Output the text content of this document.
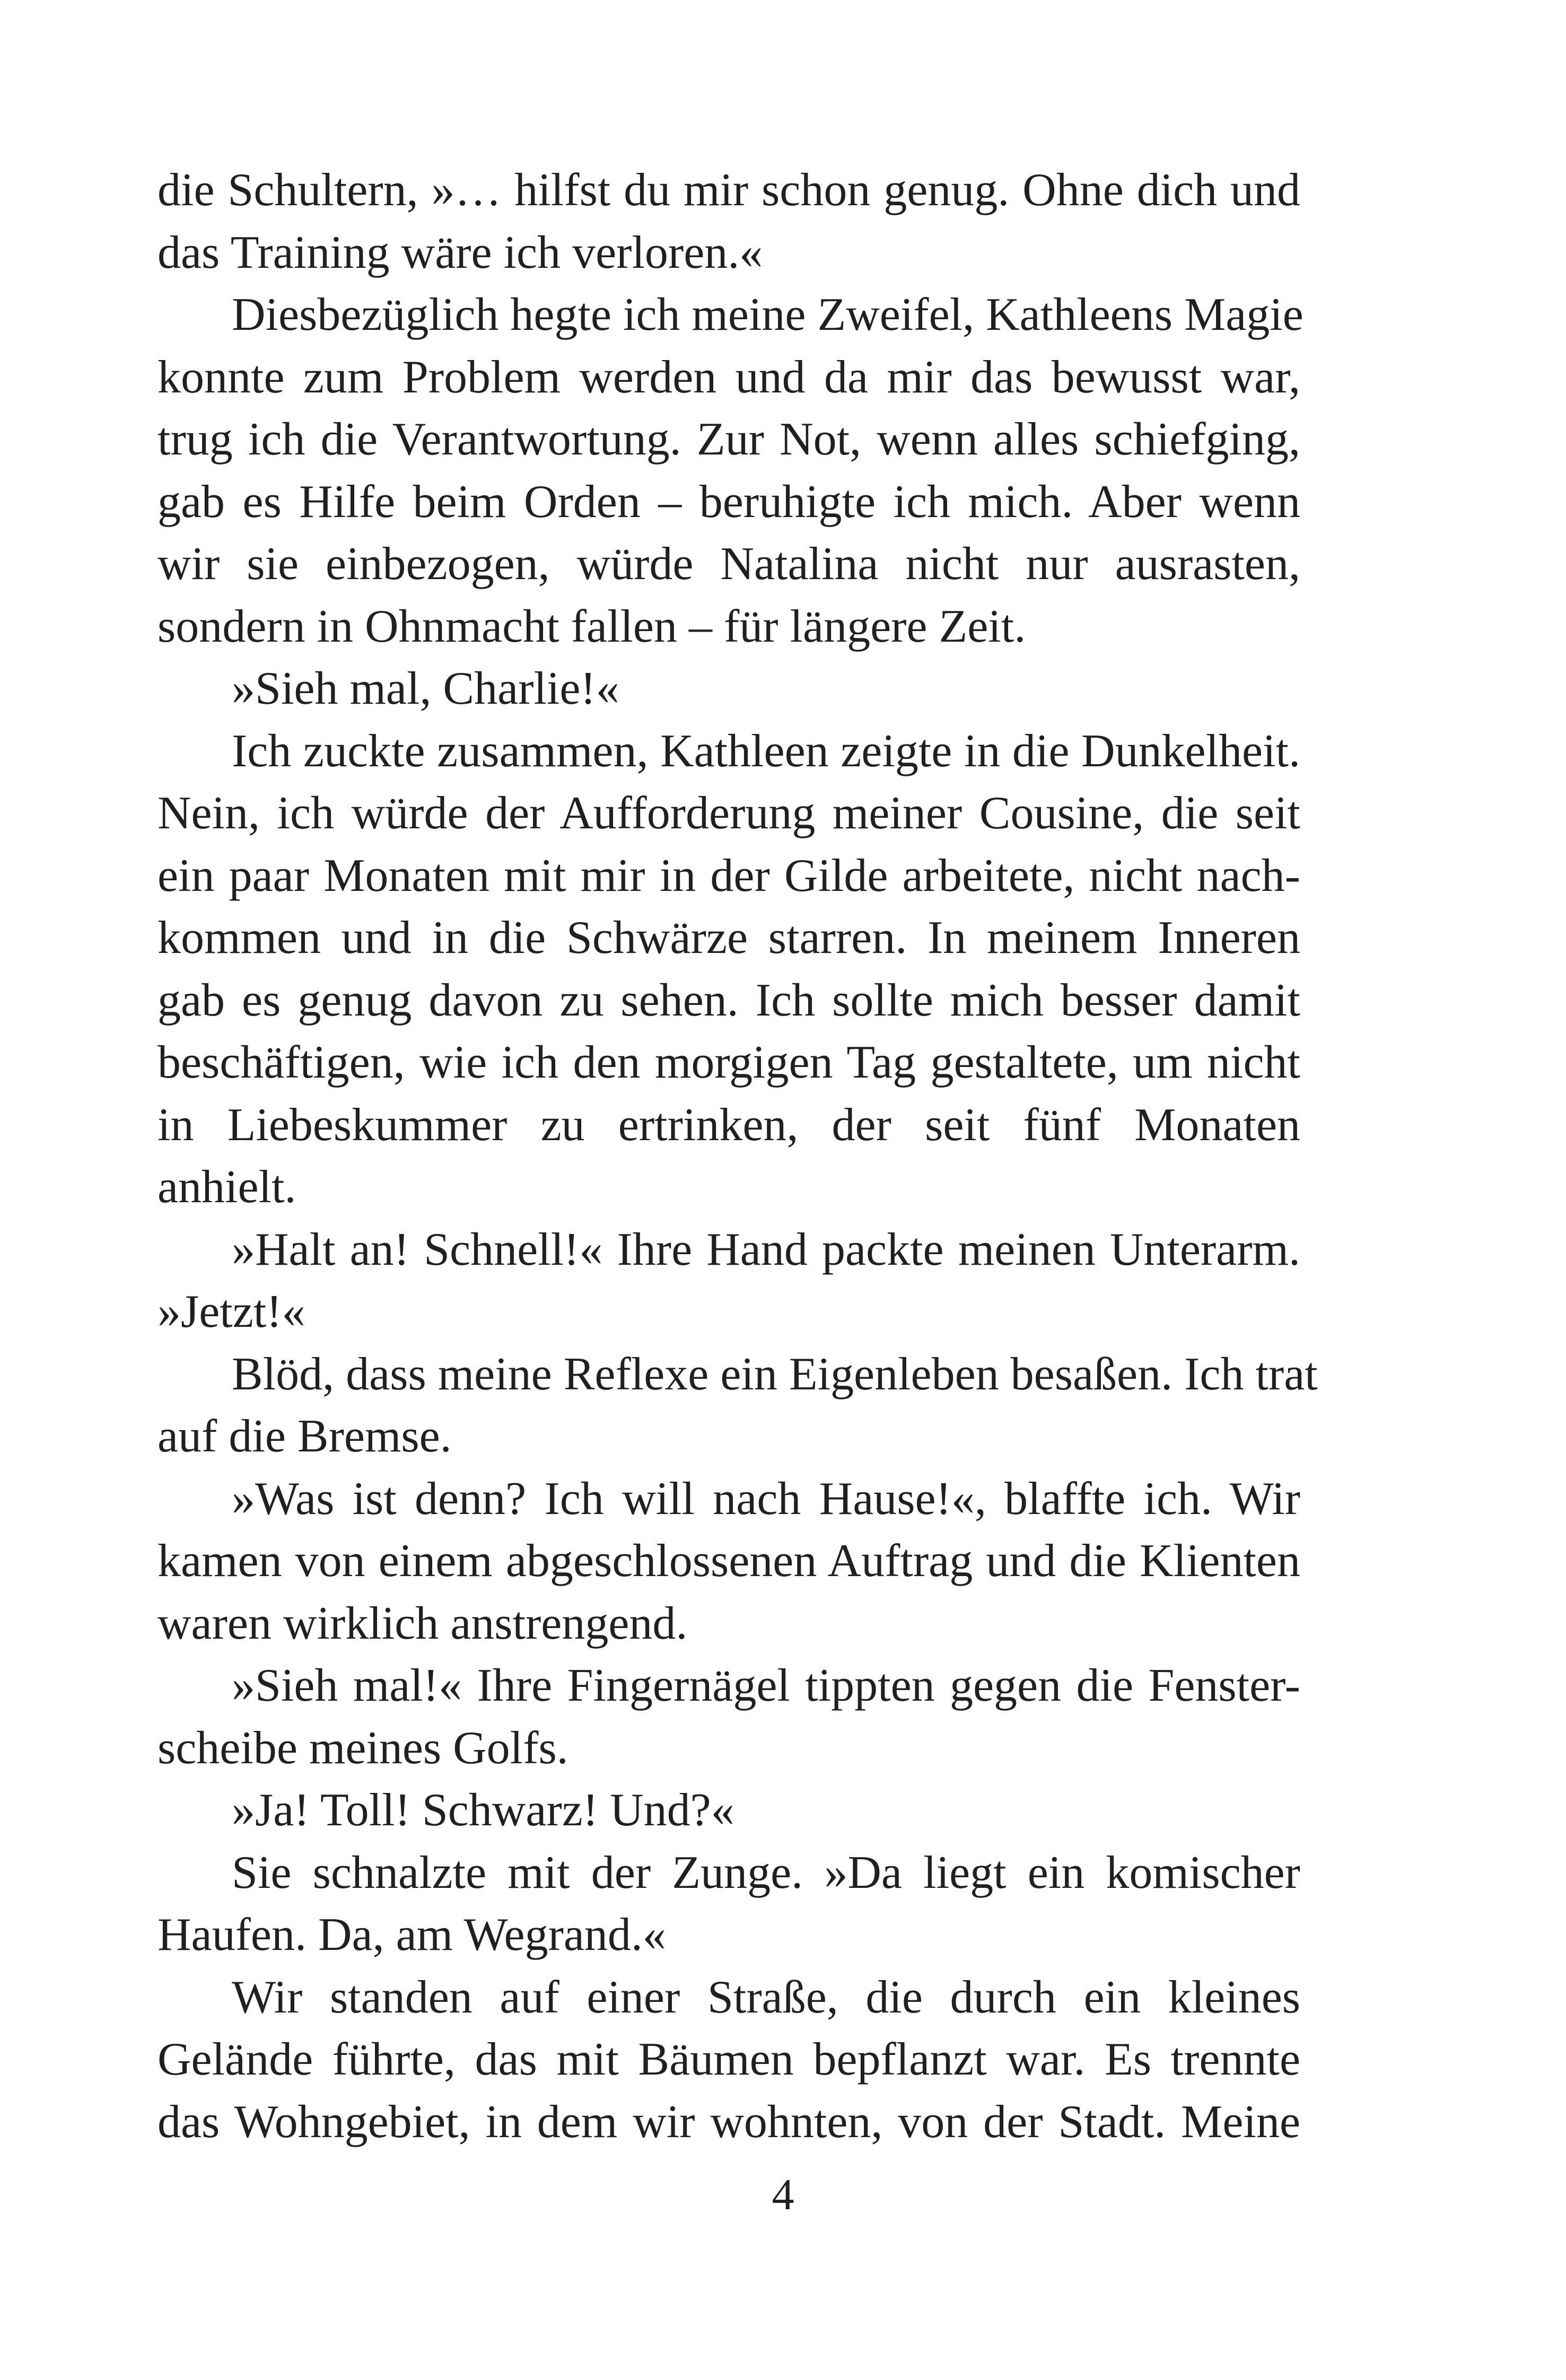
die Schultern, »… hilfst du mir schon genug. Ohne dich und
das Training wäre ich verloren.«
Diesbezüglich hegte ich meine Zweifel, Kathleens Magie
konnte zum Problem werden und da mir das bewusst war,
trug ich die Verantwortung. Zur Not, wenn alles schiefging,
gab es Hilfe beim Orden – beruhigte ich mich. Aber wenn
wir sie einbezogen, würde Natalina nicht nur ausrasten,
sondern in Ohnmacht fallen – für längere Zeit.
»Sieh mal, Charlie!«
Ich zuckte zusammen, Kathleen zeigte in die Dunkelheit.
Nein, ich würde der Aufforderung meiner Cousine, die seit
ein paar Monaten mit mir in der Gilde arbeitete, nicht nach-
kommen und in die Schwärze starren. In meinem Inneren
gab es genug davon zu sehen. Ich sollte mich besser damit
beschäftigen, wie ich den morgigen Tag gestaltete, um nicht
in Liebeskummer zu ertrinken, der seit fünf Monaten
anhielt.
»Halt an! Schnell!« Ihre Hand packte meinen Unterarm.
»Jetzt!«
Blöd, dass meine Reflexe ein Eigenleben besaßen. Ich trat
auf die Bremse.
»Was ist denn? Ich will nach Hause!«, blaffte ich. Wir
kamen von einem abgeschlossenen Auftrag und die Klienten
waren wirklich anstrengend.
»Sieh mal!« Ihre Fingernägel tippten gegen die Fenster-
scheibe meines Golfs.
»Ja! Toll! Schwarz! Und?«
Sie schnalzte mit der Zunge. »Da liegt ein komischer
Haufen. Da, am Wegrand.«
Wir standen auf einer Straße, die durch ein kleines
Gelände führte, das mit Bäumen bepflanzt war. Es trennte
das Wohngebiet, in dem wir wohnten, von der Stadt. Meine
4
